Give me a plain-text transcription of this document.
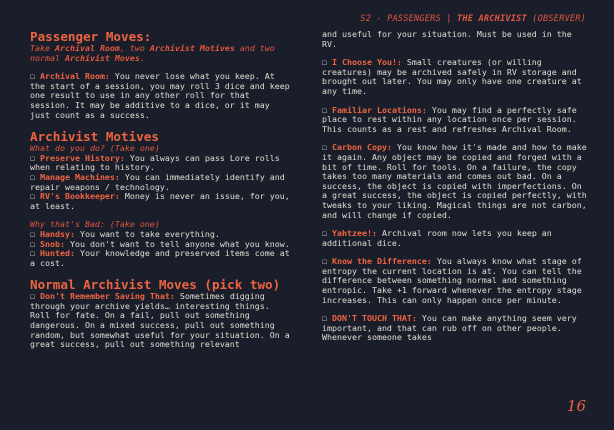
S2 - PASSENGERS | THE ARCHIVIST (OBSERVER)
Passenger Moves:

Take Archival Room, two Archivist Motives and two normal Archivist Moves.

☐ Archival Room: You never lose what you keep. At the start of a session, you may roll 3 dice and keep one result to use in any other roll for that session. It may be additive to a dice, or it may just count as a success.

Archivist Motives

What do you do? (Take one)

☐ Preserve History: You always can pass Lore rolls when relating to history.

☐ Manage Machines: You can immediately identify and repair weapons / technology.

☐ RV's Bookkeeper: Money is never an issue, for you, at least.

Why that's Bad: (Take one)

☐ Handsy: You want to take everything.

☐ Snob: You don't want to tell anyone what you know.

☐ Hunted: Your knowledge and preserved items come at a cost.

Normal Archivist Moves (pick two)

☐ Don't Remember Saving That: Sometimes digging through your archive yields… interesting things. Roll for fate. On a fail, pull out something dangerous. On a mixed success, pull out something random, but somewhat useful for your situation. On a great success, pull out something relevant

and useful for your situation. Must be used in the RV.

☐ I Choose You!: Small creatures (or willing creatures) may be archived safely in RV storage and brought out later. You may only have one creature at any time.

☐ Familiar Locations: You may find a perfectly safe place to rest within any location once per session. This counts as a rest and refreshes Archival Room.

☐ Carbon Copy: You know how it's made and how to make it again. Any object may be copied and forged with a bit of time. Roll for tools. On a failure, the copy takes too many materials and comes out bad. On a success, the object is copied with imperfections. On a great success, the object is copied perfectly, with tweaks to your liking. Magical things are not carbon, and will change if copied.

☐ Yahtzee!: Archival room now lets you keep an additional dice.

☐ Know the Difference: You always know what stage of entropy the current location is at. You can tell the difference between something normal and something entropic. Take +1 forward whenever the entropy stage increases. This can only happen once per minute.

☐ DON'T TOUCH THAT: You can make anything seem very important, and that can rub off on other people. Whenever someone takes

16
